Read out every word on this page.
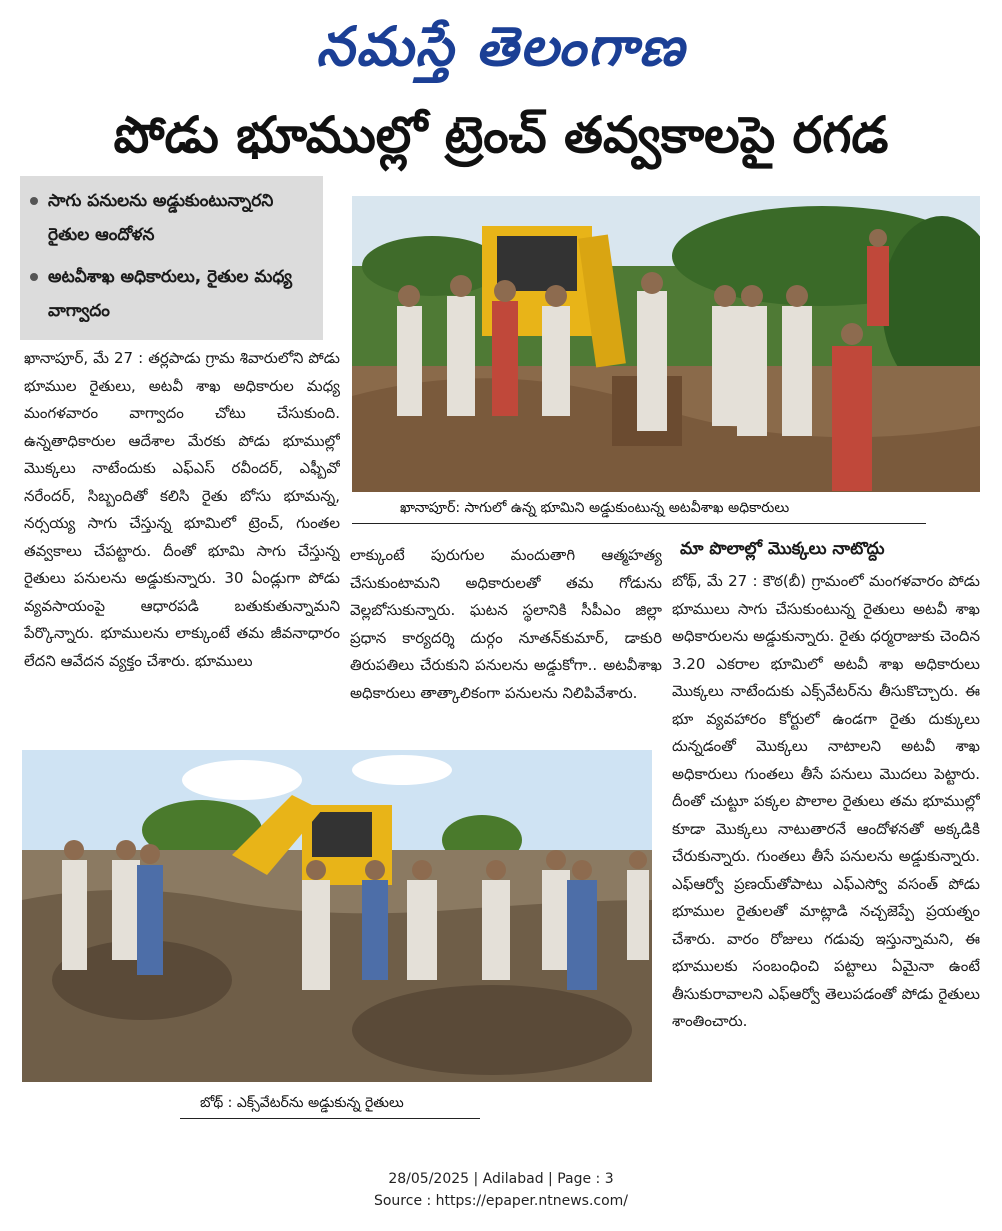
నమస్తే తెలంగాణ
పోడు భూముల్లో ట్రెంచ్ తవ్వకాలపై రగడ
సాగు పనులను అడ్డుకుంటున్నారని రైతుల ఆందోళన
అటవీశాఖ అధికారులు, రైతుల మధ్య వాగ్వాదం
ఖానాపూర్: సాగులో ఉన్న భూమిని అడ్డుకుంటున్న అటవీశాఖ అధికారులు
ఖానాపూర్, మే 27 : తర్లపాడు గ్రామ శివారులోని పోడు భూముల రైతులు, అటవీ శాఖ అధికారుల మధ్య మంగళవారం వాగ్వాదం చోటు చేసుకుంది. ఉన్నతాధికారుల ఆదేశాల మేరకు పోడు భూముల్లో మొక్కలు నాటేందుకు ఎఫ్ఎస్ రవీందర్, ఎఫ్బీవో నరేందర్, సిబ్బందితో కలిసి రైతు బోసు భూమన్న, నర్సయ్య సాగు చేస్తున్న భూమిలో ట్రెంచ్, గుంతల తవ్వకాలు చేపట్టారు. దీంతో భూమి సాగు చేస్తున్న రైతులు పనులను అడ్డుకున్నారు. 30 ఏండ్లుగా పోడు వ్యవసాయంపై ఆధారపడి బతుకుతున్నామని పేర్కొన్నారు. భూములను లాక్కుంటే తమ జీవనాధారం లేదని ఆవేదన వ్యక్తం చేశారు. భూములు
లాక్కుంటే పురుగుల మందుతాగి ఆత్మహత్య చేసుకుంటామని అధికారులతో తమ గోడును వెల్లబోసుకున్నారు. ఘటన స్థలానికి సీపీఎం జిల్లా ప్రధాన కార్యదర్శి దుర్గం నూతన్‌కుమార్, డాకురి తిరుపతిలు చేరుకుని పనులను అడ్డుకోగా.. అటవీశాఖ అధికారులు తాత్కాలికంగా పనులను నిలిపివేశారు.
మా పొలాల్లో మొక్కలు నాటొద్దు
బోథ్, మే 27 : కౌఠ(బీ) గ్రామంలో మంగళవారం పోడు భూములు సాగు చేసుకుంటున్న రైతులు అటవీ శాఖ అధికారులను అడ్డుకున్నారు. రైతు ధర్మరాజుకు చెందిన 3.20 ఎకరాల భూమిలో అటవీ శాఖ అధికారులు మొక్కలు నాటేందుకు ఎక్స్‌వేటర్‌ను తీసుకొచ్చారు. ఈ భూ వ్యవహారం కోర్టులో ఉండగా రైతు దుక్కులు దున్నడంతో మొక్కలు నాటాలని అటవీ శాఖ అధికారులు గుంతలు తీసే పనులు మొదలు పెట్టారు. దీంతో చుట్టూ పక్కల పొలాల రైతులు తమ భూముల్లో కూడా మొక్కలు నాటుతారనే ఆందోళనతో అక్కడికి చేరుకున్నారు. గుంతలు తీసే పనులను అడ్డుకున్నారు. ఎఫ్ఆర్వో ప్రణయ్‌తోపాటు ఎఫ్ఎస్వో వసంత్ పోడు భూముల రైతులతో మాట్లాడి నచ్చజెప్పే ప్రయత్నం చేశారు. వారం రోజులు గడువు ఇస్తున్నామని, ఈ భూములకు సంబంధించి పట్టాలు ఏమైనా ఉంటే తీసుకురావాలని ఎఫ్ఆర్వో తెలుపడంతో పోడు రైతులు శాంతించారు.
బోథ్ : ఎక్స్‌వేటర్‌ను అడ్డుకున్న రైతులు
28/05/2025 | Adilabad | Page : 3
Source : https://epaper.ntnews.com/
